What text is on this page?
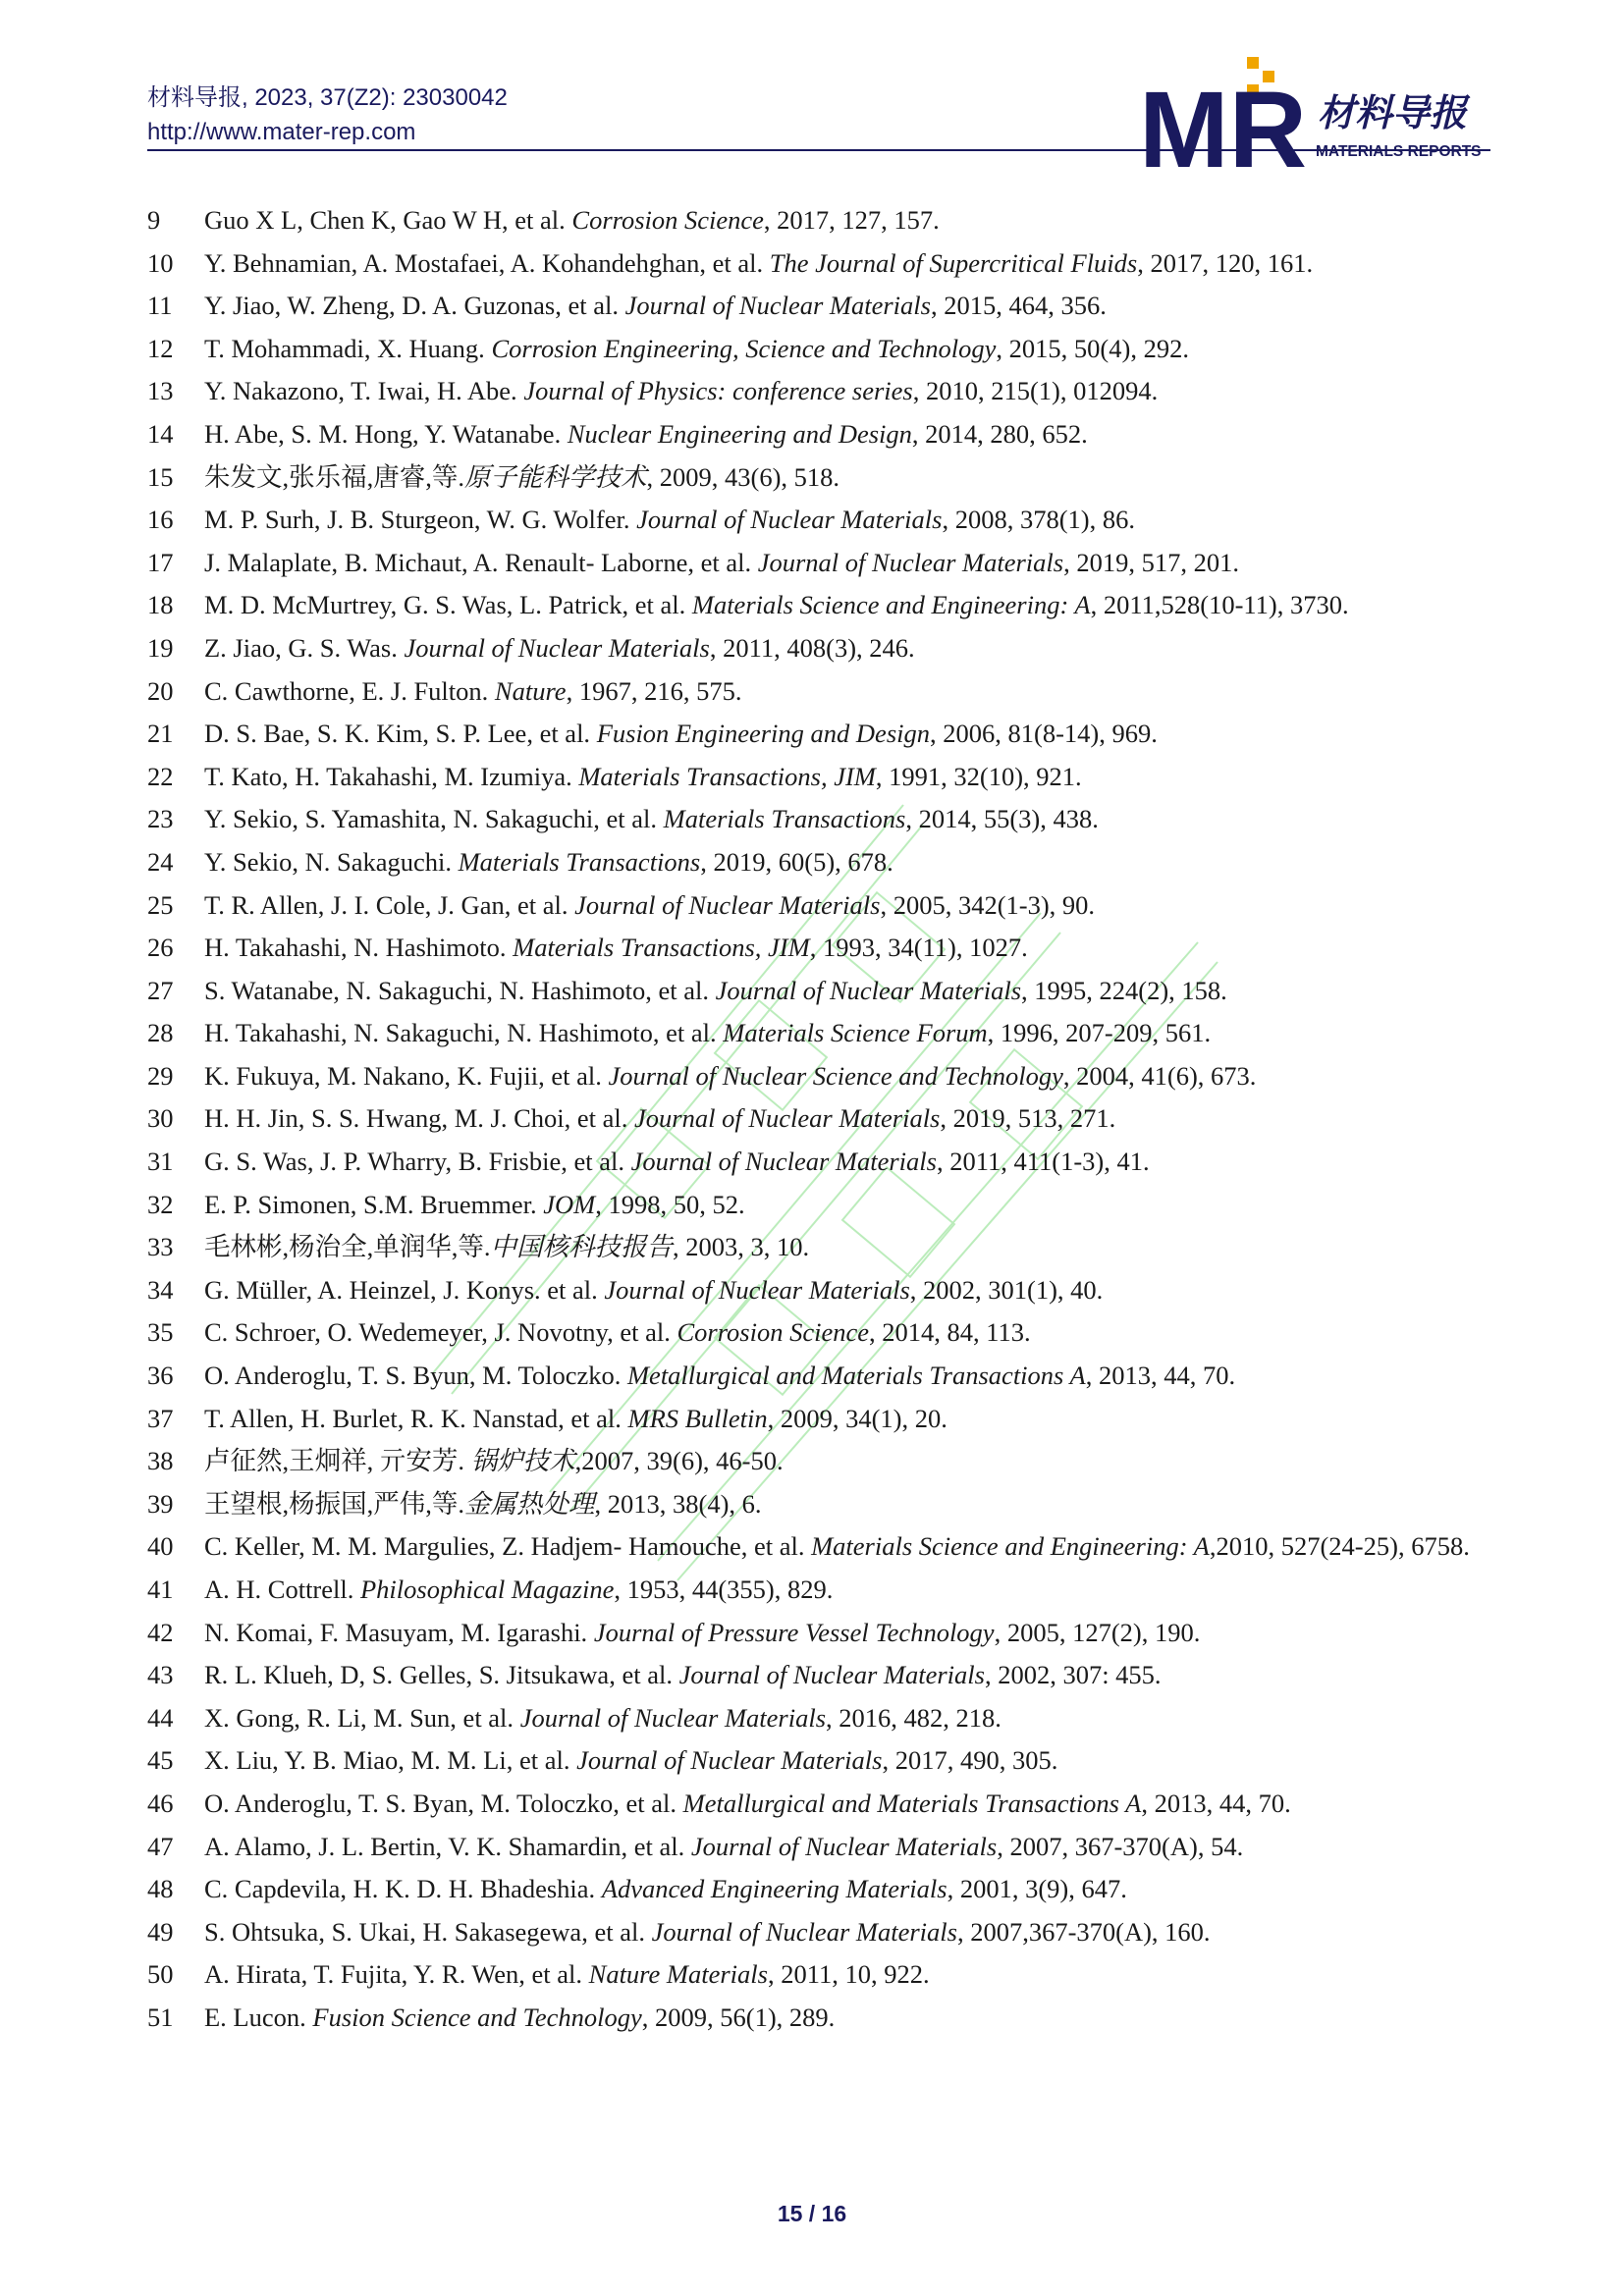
材料导报, 2023, 37(Z2): 23030042
http://www.mater-rep.com	MR 材料导报
MATERIALS REPORTS
9	Guo X L, Chen K, Gao W H, et al. Corrosion Science, 2017, 127, 157.
10	Y. Behnamian, A. Mostafaei, A. Kohandehghan, et al. The Journal of Supercritical Fluids, 2017, 120, 161.
11	Y. Jiao, W. Zheng, D. A. Guzonas, et al. Journal of Nuclear Materials, 2015, 464, 356.
12	T. Mohammadi, X. Huang. Corrosion Engineering, Science and Technology, 2015, 50(4), 292.
13	Y. Nakazono, T. Iwai, H. Abe. Journal of Physics: conference series, 2010, 215(1), 012094.
14	H. Abe, S. M. Hong, Y. Watanabe. Nuclear Engineering and Design, 2014, 280, 652.
15	朱发文,张乐福,唐睿,等.原子能科学技术, 2009, 43(6), 518.
16	M. P. Surh, J. B. Sturgeon, W. G. Wolfer. Journal of Nuclear Materials, 2008, 378(1), 86.
17	J. Malaplate, B. Michaut, A. Renault- Laborne, et al. Journal of Nuclear Materials, 2019, 517, 201.
18	M. D. McMurtrey, G. S. Was, L. Patrick, et al. Materials Science and Engineering: A, 2011,528(10-11), 3730.
19	Z. Jiao, G. S. Was. Journal of Nuclear Materials, 2011, 408(3), 246.
20	C. Cawthorne, E. J. Fulton. Nature, 1967, 216, 575.
21	D. S. Bae, S. K. Kim, S. P. Lee, et al. Fusion Engineering and Design, 2006, 81(8-14), 969.
22	T. Kato, H. Takahashi, M. Izumiya. Materials Transactions, JIM, 1991, 32(10), 921.
23	Y. Sekio, S. Yamashita, N. Sakaguchi, et al. Materials Transactions, 2014, 55(3), 438.
24	Y. Sekio, N. Sakaguchi. Materials Transactions, 2019, 60(5), 678.
25	T. R. Allen, J. I. Cole, J. Gan, et al. Journal of Nuclear Materials, 2005, 342(1-3), 90.
26	H. Takahashi, N. Hashimoto. Materials Transactions, JIM, 1993, 34(11), 1027.
27	S. Watanabe, N. Sakaguchi, N. Hashimoto, et al. Journal of Nuclear Materials, 1995, 224(2), 158.
28	H. Takahashi, N. Sakaguchi, N. Hashimoto, et al. Materials Science Forum, 1996, 207-209, 561.
29	K. Fukuya, M. Nakano, K. Fujii, et al. Journal of Nuclear Science and Technology, 2004, 41(6), 673.
30	H. H. Jin, S. S. Hwang, M. J. Choi, et al. Journal of Nuclear Materials, 2019, 513, 271.
31	G. S. Was, J. P. Wharry, B. Frisbie, et al. Journal of Nuclear Materials, 2011, 411(1-3), 41.
32	E. P. Simonen, S.M. Bruemmer. JOM, 1998, 50, 52.
33	毛林彬,杨治全,单润华,等.中国核科技报告, 2003, 3, 10.
34	G. Müller, A. Heinzel, J. Konys. et al. Journal of Nuclear Materials, 2002, 301(1), 40.
35	C. Schroer, O. Wedemeyer, J. Novotny, et al. Corrosion Science, 2014, 84, 113.
36	O. Anderoglu, T. S. Byun, M. Toloczko. Metallurgical and Materials Transactions A, 2013, 44, 70.
37	T. Allen, H. Burlet, R. K. Nanstad, et al. MRS Bulletin, 2009, 34(1), 20.
38	卢征然,王炯祥, 亓安芳. 锅炉技术,2007, 39(6), 46-50.
39	王望根,杨振国,严伟,等.金属热处理, 2013, 38(4), 6.
40	C. Keller, M. M. Margulies, Z. Hadjem- Hamouche, et al. Materials Science and Engineering: A,2010, 527(24-25), 6758.
41	A. H. Cottrell. Philosophical Magazine, 1953, 44(355), 829.
42	N. Komai, F. Masuyam, M. Igarashi. Journal of Pressure Vessel Technology, 2005, 127(2), 190.
43	R. L. Klueh, D, S. Gelles, S. Jitsukawa, et al. Journal of Nuclear Materials, 2002, 307: 455.
44	X. Gong, R. Li, M. Sun, et al. Journal of Nuclear Materials, 2016, 482, 218.
45	X. Liu, Y. B. Miao, M. M. Li, et al. Journal of Nuclear Materials, 2017, 490, 305.
46	O. Anderoglu, T. S. Byan, M. Toloczko, et al. Metallurgical and Materials Transactions A, 2013, 44, 70.
47	A. Alamo, J. L. Bertin, V. K. Shamardin, et al. Journal of Nuclear Materials, 2007, 367-370(A), 54.
48	C. Capdevila, H. K. D. H. Bhadeshia. Advanced Engineering Materials, 2001, 3(9), 647.
49	S. Ohtsuka, S. Ukai, H. Sakasegewa, et al. Journal of Nuclear Materials, 2007,367-370(A), 160.
50	A. Hirata, T. Fujita, Y. R. Wen, et al. Nature Materials, 2011, 10, 922.
51	E. Lucon. Fusion Science and Technology, 2009, 56(1), 289.
15 / 16
